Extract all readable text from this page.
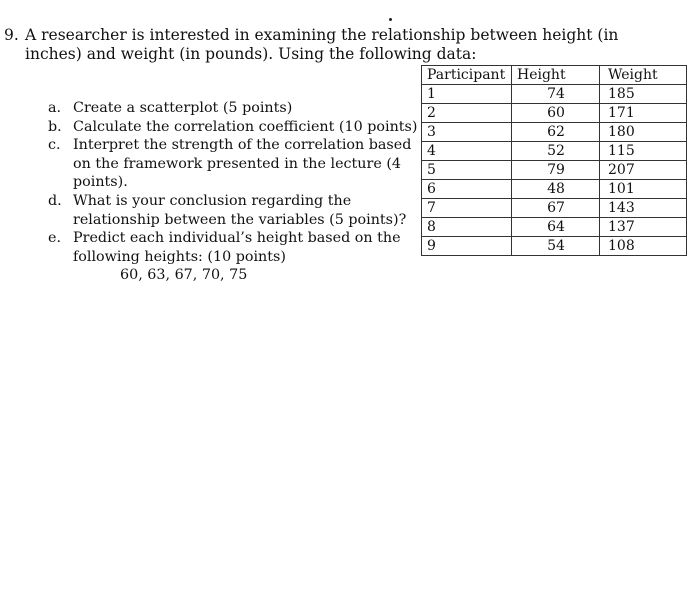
9. A researcher is interested in examining the relationship between height (in inches) and weight (in pounds). Using the following data:
a. Create a scatterplot (5 points)
b. Calculate the correlation coefficient (10 points)
c. Interpret the strength of the correlation based on the framework presented in the lecture (4 points).
d. What is your conclusion regarding the relationship between the variables (5 points)?
e. Predict each individual’s height based on the following heights: (10 points)
60, 63, 67, 70, 75
Participant	Height	Weight
1	74	185
2	60	171
3	62	180
4	52	115
5	79	207
6	48	101
7	67	143
8	64	137
9	54	108
